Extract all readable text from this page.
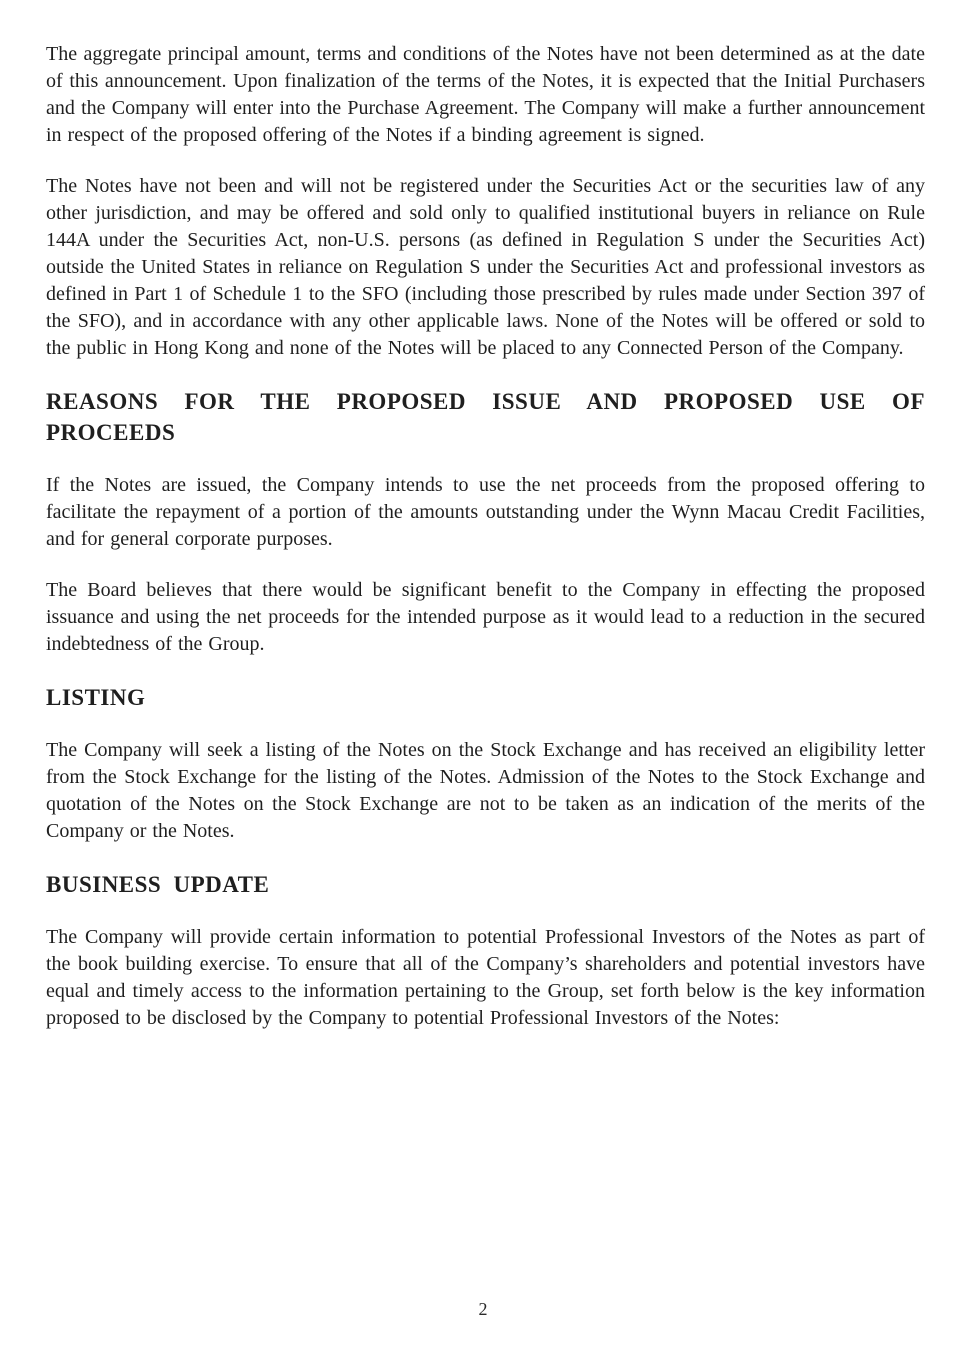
The aggregate principal amount, terms and conditions of the Notes have not been determined as at the date of this announcement. Upon finalization of the terms of the Notes, it is expected that the Initial Purchasers and the Company will enter into the Purchase Agreement. The Company will make a further announcement in respect of the proposed offering of the Notes if a binding agreement is signed.

The Notes have not been and will not be registered under the Securities Act or the securities law of any other jurisdiction, and may be offered and sold only to qualified institutional buyers in reliance on Rule 144A under the Securities Act, non-U.S. persons (as defined in Regulation S under the Securities Act) outside the United States in reliance on Regulation S under the Securities Act and professional investors as defined in Part 1 of Schedule 1 to the SFO (including those prescribed by rules made under Section 397 of the SFO), and in accordance with any other applicable laws. None of the Notes will be offered or sold to the public in Hong Kong and none of the Notes will be placed to any Connected Person of the Company.

REASONS FOR THE PROPOSED ISSUE AND PROPOSED USE OF PROCEEDS

If the Notes are issued, the Company intends to use the net proceeds from the proposed offering to facilitate the repayment of a portion of the amounts outstanding under the Wynn Macau Credit Facilities, and for general corporate purposes.

The Board believes that there would be significant benefit to the Company in effecting the proposed issuance and using the net proceeds for the intended purpose as it would lead to a reduction in the secured indebtedness of the Group.

LISTING

The Company will seek a listing of the Notes on the Stock Exchange and has received an eligibility letter from the Stock Exchange for the listing of the Notes. Admission of the Notes to the Stock Exchange and quotation of the Notes on the Stock Exchange are not to be taken as an indication of the merits of the Company or the Notes.

BUSINESS UPDATE

The Company will provide certain information to potential Professional Investors of the Notes as part of the book building exercise. To ensure that all of the Company’s shareholders and potential investors have equal and timely access to the information pertaining to the Group, set forth below is the key information proposed to be disclosed by the Company to potential Professional Investors of the Notes:

2
